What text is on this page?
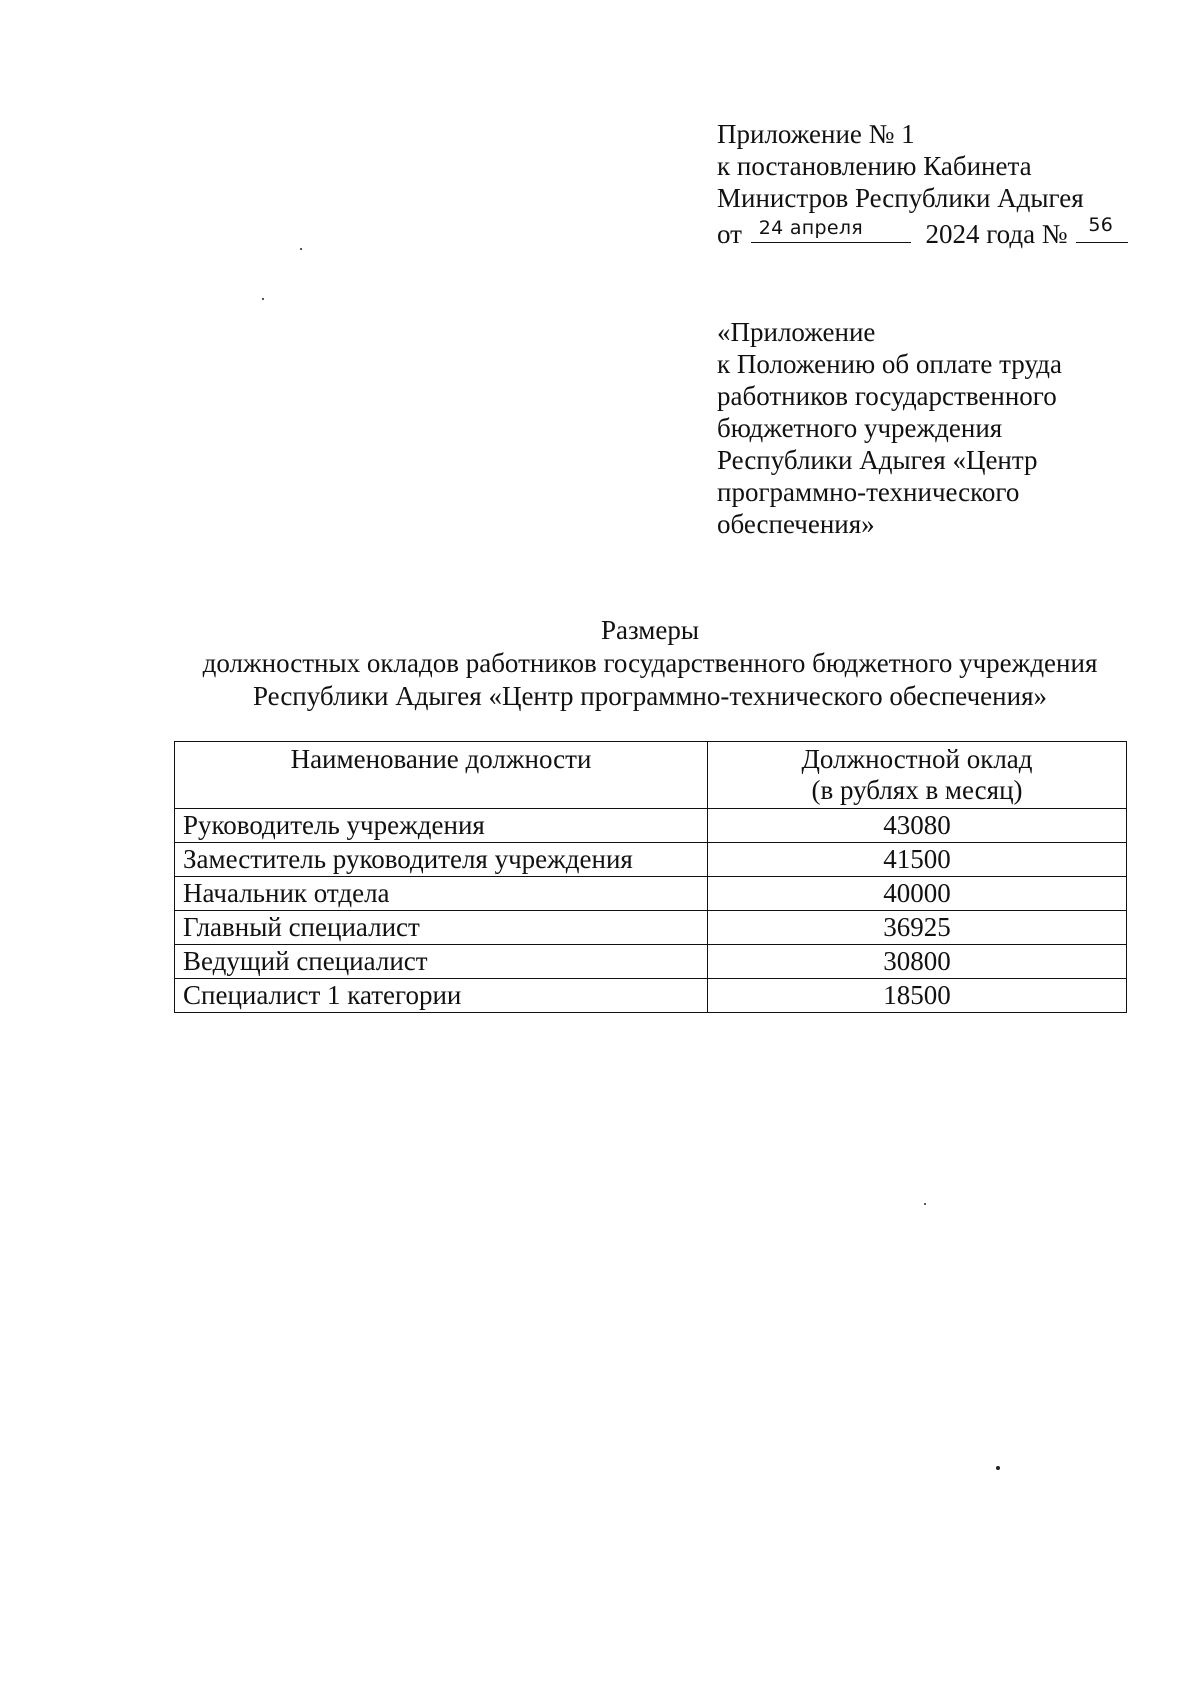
Приложение № 1
к постановлению Кабинета
Министров Республики Адыгея
от 24 апреля 2024 года № 56
«Приложение
к Положению об оплате труда
работников государственного
бюджетного учреждения
Республики Адыгея «Центр
программно-технического
обеспечения»
Размеры
должностных окладов работников государственного бюджетного учреждения
Республики Адыгея «Центр программно-технического обеспечения»
Наименование должности	Должностной оклад
(в рублях в месяц)

Руководитель учреждения	43080
Заместитель руководителя учреждения	41500
Начальник отдела	40000
Главный специалист	36925
Ведущий специалист	30800
Специалист 1 категории	18500
